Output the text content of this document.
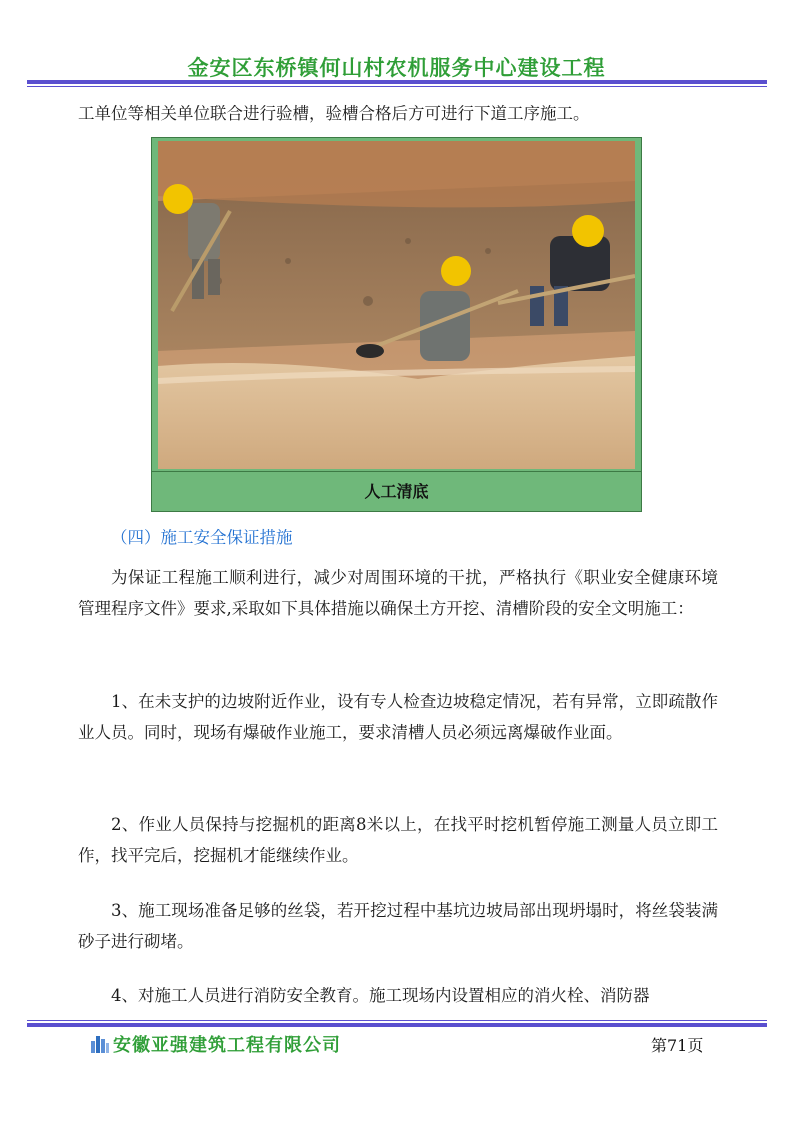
金安区东桥镇何山村农机服务中心建设工程

工单位等相关单位联合进行验槽，验槽合格后方可进行下道工序施工。

人工清底

（四）施工安全保证措施

为保证工程施工顺利进行，减少对周围环境的干扰，严格执行《职业安全健康环境管理程序文件》要求,采取如下具体措施以确保土方开挖、清槽阶段的安全文明施工：

1、在未支护的边坡附近作业，设有专人检查边坡稳定情况，若有异常，立即疏散作业人员。同时，现场有爆破作业施工，要求清槽人员必须远离爆破作业面。

2、作业人员保持与挖掘机的距离8米以上，在找平时挖机暂停施工测量人员立即工作，找平完后，挖掘机才能继续作业。

3、施工现场准备足够的丝袋，若开挖过程中基坑边坡局部出现坍塌时，将丝袋装满砂子进行砌堵。

4、对施工人员进行消防安全教育。施工现场内设置相应的消火栓、消防器

安徽亚强建筑工程有限公司	第71页
